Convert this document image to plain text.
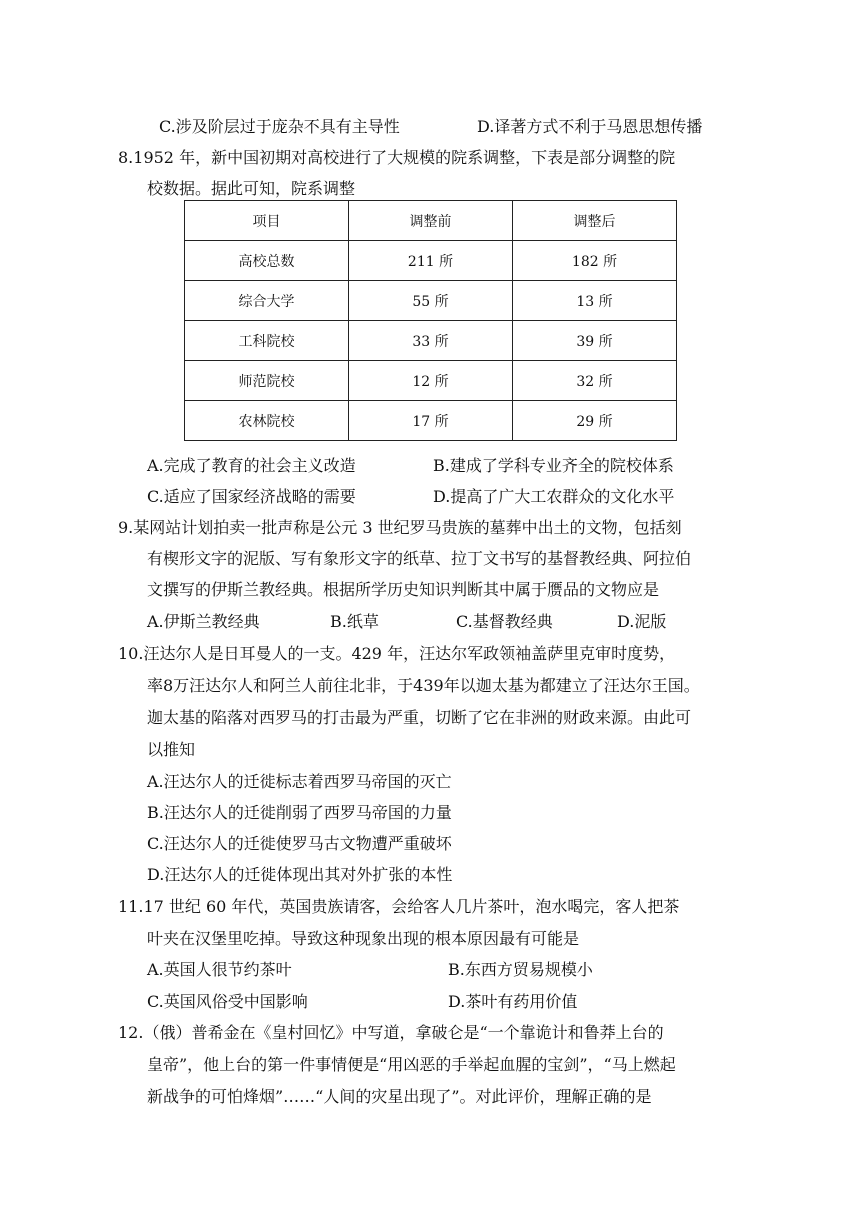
C.涉及阶层过于庞杂不具有主导性	D.译著方式不利于马恩思想传播
8.1952 年，新中国初期对高校进行了大规模的院系调整，下表是部分调整的院
校数据。据此可知，院系调整
项目	调整前	调整后
高校总数	211 所	182 所
综合大学	55 所	13 所
工科院校	33 所	39 所
师范院校	12 所	32 所
农林院校	17 所	29 所
A.完成了教育的社会主义改造	B.建成了学科专业齐全的院校体系
C.适应了国家经济战略的需要	D.提高了广大工农群众的文化水平
9.某网站计划拍卖一批声称是公元 3 世纪罗马贵族的墓葬中出土的文物，包括刻
有楔形文字的泥版、写有象形文字的纸草、拉丁文书写的基督教经典、阿拉伯
文撰写的伊斯兰教经典。根据所学历史知识判断其中属于赝品的文物应是
A.伊斯兰教经典	B.纸草	C.基督教经典	D.泥版
10.汪达尔人是日耳曼人的一支。429 年，汪达尔军政领袖盖萨里克审时度势，
率8万汪达尔人和阿兰人前往北非，于439年以迦太基为都建立了汪达尔王国。
迦太基的陷落对西罗马的打击最为严重，切断了它在非洲的财政来源。由此可
以推知
A.汪达尔人的迁徙标志着西罗马帝国的灭亡
B.汪达尔人的迁徙削弱了西罗马帝国的力量
C.汪达尔人的迁徙使罗马古文物遭严重破坏
D.汪达尔人的迁徙体现出其对外扩张的本性
11.17 世纪 60 年代，英国贵族请客，会给客人几片茶叶，泡水喝完，客人把茶
叶夹在汉堡里吃掉。导致这种现象出现的根本原因最有可能是
A.英国人很节约茶叶	B.东西方贸易规模小
C.英国风俗受中国影响	D.茶叶有药用价值
12.（俄）普希金在《皇村回忆》中写道，拿破仑是“一个靠诡计和鲁莽上台的
皇帝”，他上台的第一件事情便是“用凶恶的手举起血腥的宝剑”，“马上燃起
新战争的可怕烽烟”……“人间的灾星出现了”。对此评价，理解正确的是
